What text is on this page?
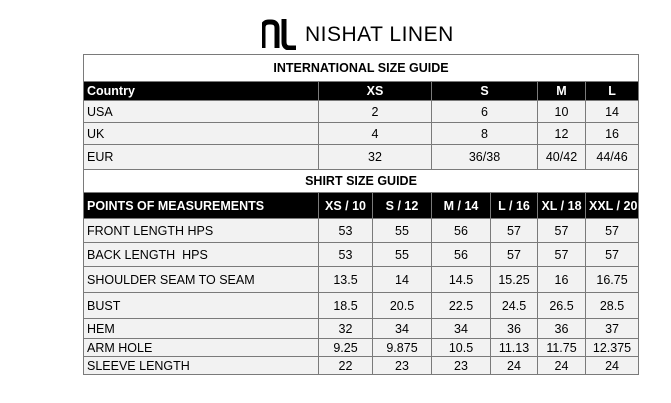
NISHAT LINEN
INTERNATIONAL SIZE GUIDE						
Country	XS		S		M	L
USA	2		6		10	14
UK	4		8		12	16
EUR	32		36/38		40/42	44/46
SHIRT SIZE GUIDE						
POINTS OF MEASUREMENTS	XS / 10	S / 12	M / 14	L / 16	XL / 18	XXL / 20
FRONT LENGTH HPS	53	55	56	57	57	57
BACK LENGTH  HPS	53	55	56	57	57	57
SHOULDER SEAM TO SEAM	13.5	14	14.5	15.25	16	16.75
BUST	18.5	20.5	22.5	24.5	26.5	28.5
HEM	32	34	34	36	36	37
ARM HOLE	9.25	9.875	10.5	11.13	11.75	12.375
SLEEVE LENGTH	22	23	23	24	24	24
